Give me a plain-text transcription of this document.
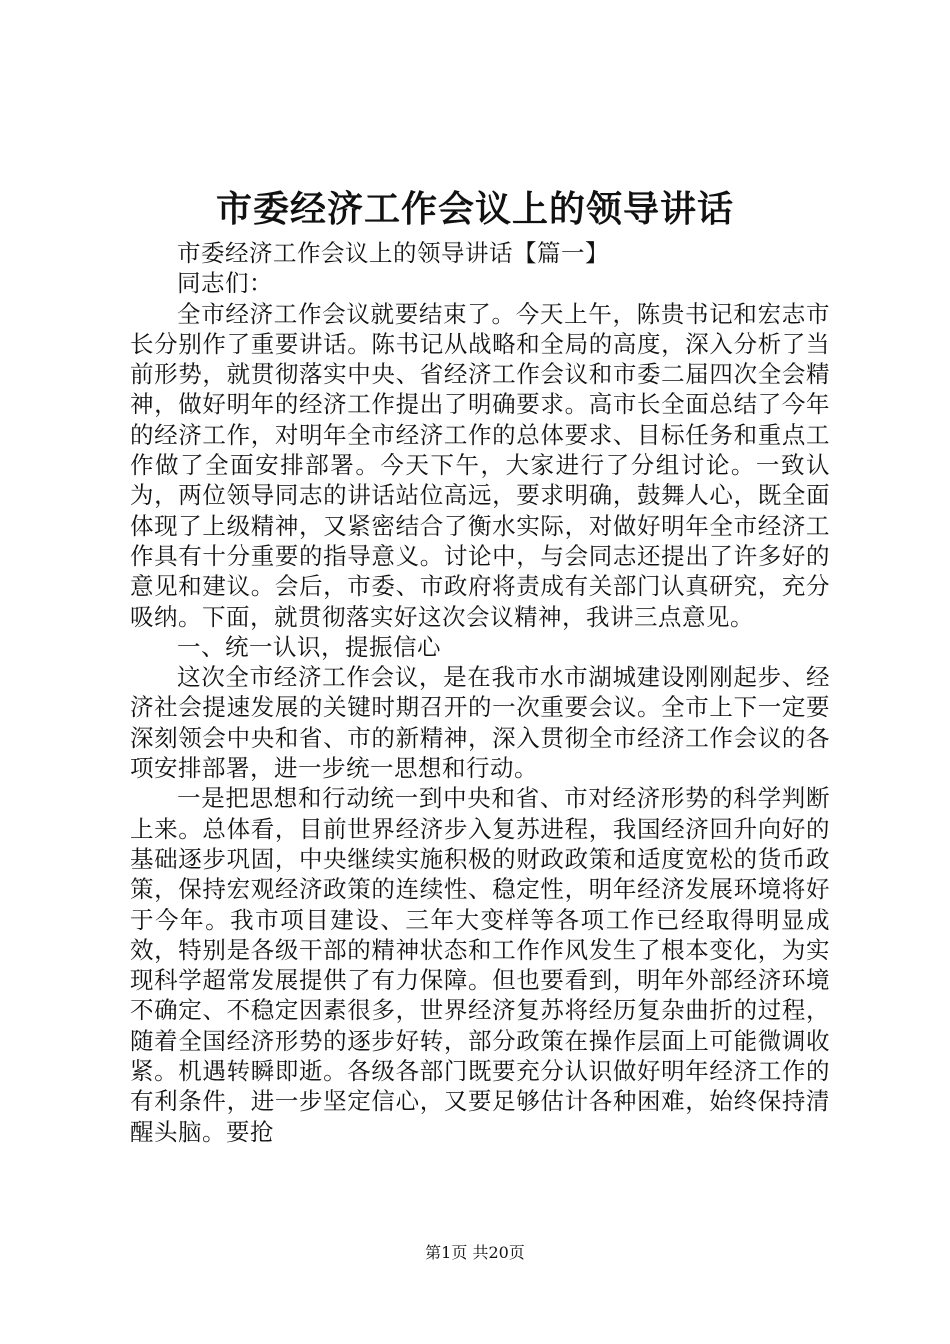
市委经济工作会议上的领导讲话

市委经济工作会议上的领导讲话【篇一】

同志们：

全市经济工作会议就要结束了。今天上午，陈贵书记和宏志市长分别作了重要讲话。陈书记从战略和全局的高度，深入分析了当前形势，就贯彻落实中央、省经济工作会议和市委二届四次全会精神，做好明年的经济工作提出了明确要求。高市长全面总结了今年的经济工作，对明年全市经济工作的总体要求、目标任务和重点工作做了全面安排部署。今天下午，大家进行了分组讨论。一致认为，两位领导同志的讲话站位高远，要求明确，鼓舞人心，既全面体现了上级精神，又紧密结合了衡水实际，对做好明年全市经济工作具有十分重要的指导意义。讨论中，与会同志还提出了许多好的意见和建议。会后，市委、市政府将责成有关部门认真研究，充分吸纳。下面，就贯彻落实好这次会议精神，我讲三点意见。

一、统一认识，提振信心

这次全市经济工作会议，是在我市水市湖城建设刚刚起步、经济社会提速发展的关键时期召开的一次重要会议。全市上下一定要深刻领会中央和省、市的新精神，深入贯彻全市经济工作会议的各项安排部署，进一步统一思想和行动。

一是把思想和行动统一到中央和省、市对经济形势的科学判断上来。总体看，目前世界经济步入复苏进程，我国经济回升向好的基础逐步巩固，中央继续实施积极的财政政策和适度宽松的货币政策，保持宏观经济政策的连续性、稳定性，明年经济发展环境将好于今年。我市项目建设、三年大变样等各项工作已经取得明显成效，特别是各级干部的精神状态和工作作风发生了根本变化，为实现科学超常发展提供了有力保障。但也要看到，明年外部经济环境不确定、不稳定因素很多，世界经济复苏将经历复杂曲折的过程，随着全国经济形势的逐步好转，部分政策在操作层面上可能微调收紧。机遇转瞬即逝。各级各部门既要充分认识做好明年经济工作的有利条件，进一步坚定信心，又要足够估计各种困难，始终保持清醒头脑。要抢

第1页 共20页
